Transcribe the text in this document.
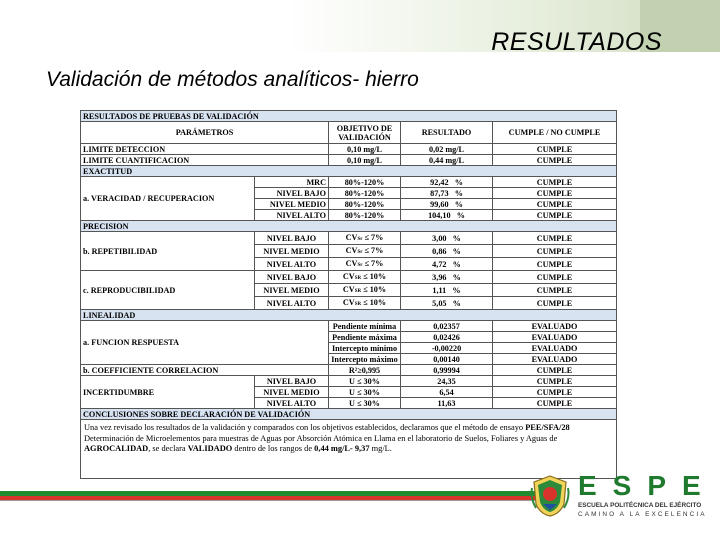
RESULTADOS
Validación de métodos analíticos- hierro
RESULTADOS DE PRUEBAS DE VALIDACIÓN				
PARÁMETROS		OBJETIVO DE VALIDACIÓN	RESULTADO	CUMPLE / NO CUMPLE
LIMITE DETECCION		0,10 mg/L	0,02 mg/L	CUMPLE
LIMITE CUANTIFICACION		0,10 mg/L	0,44 mg/L	CUMPLE
EXACTITUD				
a. VERACIDAD / RECUPERACION	MRC	80%-120%	92,42 %	CUMPLE
	NIVEL BAJO	80%-120%	87,73 %	CUMPLE
	NIVEL MEDIO	80%-120%	99,60 %	CUMPLE
	NIVEL ALTO	80%-120%	104,10 %	CUMPLE
PRECISION				
b. REPETIBILIDAD	NIVEL BAJO	CVSr ≤ 7%	3,00 %	CUMPLE
	NIVEL MEDIO	CVSr ≤ 7%	0,86 %	CUMPLE
	NIVEL ALTO	CVSr ≤ 7%	4,72 %	CUMPLE
c. REPRODUCIBILIDAD	NIVEL BAJO	CVSR ≤ 10%	3,96 %	CUMPLE
	NIVEL MEDIO	CVSR ≤ 10%	1,11 %	CUMPLE
	NIVEL ALTO	CVSR ≤ 10%	5,05 %	CUMPLE
LINEALIDAD				
a. FUNCION RESPUESTA		Pendiente mínima	0,02357	EVALUADO
		Pendiente máxima	0,02426	EVALUADO
		Intercepto mínimo	-0,00220	EVALUADO
		Intercepto máximo	0,00140	EVALUADO
b. COEFFICIENTE CORRELACION		R²≥0,995	0,99994	CUMPLE
INCERTIDUMBRE	NIVEL BAJO	U ≤ 30%	24,35	CUMPLE
	NIVEL MEDIO	U ≤ 30%	6,54	CUMPLE
	NIVEL ALTO	U ≤ 30%	11,63	CUMPLE
CONCLUSIONES SOBRE DECLARACIÓN DE VALIDACIÓN				
Una vez revisado los resultados de la validación y comparados con los objetivos establecidos, declaramos que el método de ensayo PEE/SFA/28 Determinación de Microelementos para muestras de Aguas por Absorción Atómica en Llama en el laboratorio de Suelos, Foliares y Aguas de AGROCALIDAD, se declara VALIDADO dentro de los rangos de 0,44 mg/L- 9,37 mg/L.				
ESPE
ESCUELA POLITÉCNICA DEL EJÉRCITO
CAMINO A LA EXCELENCIA
